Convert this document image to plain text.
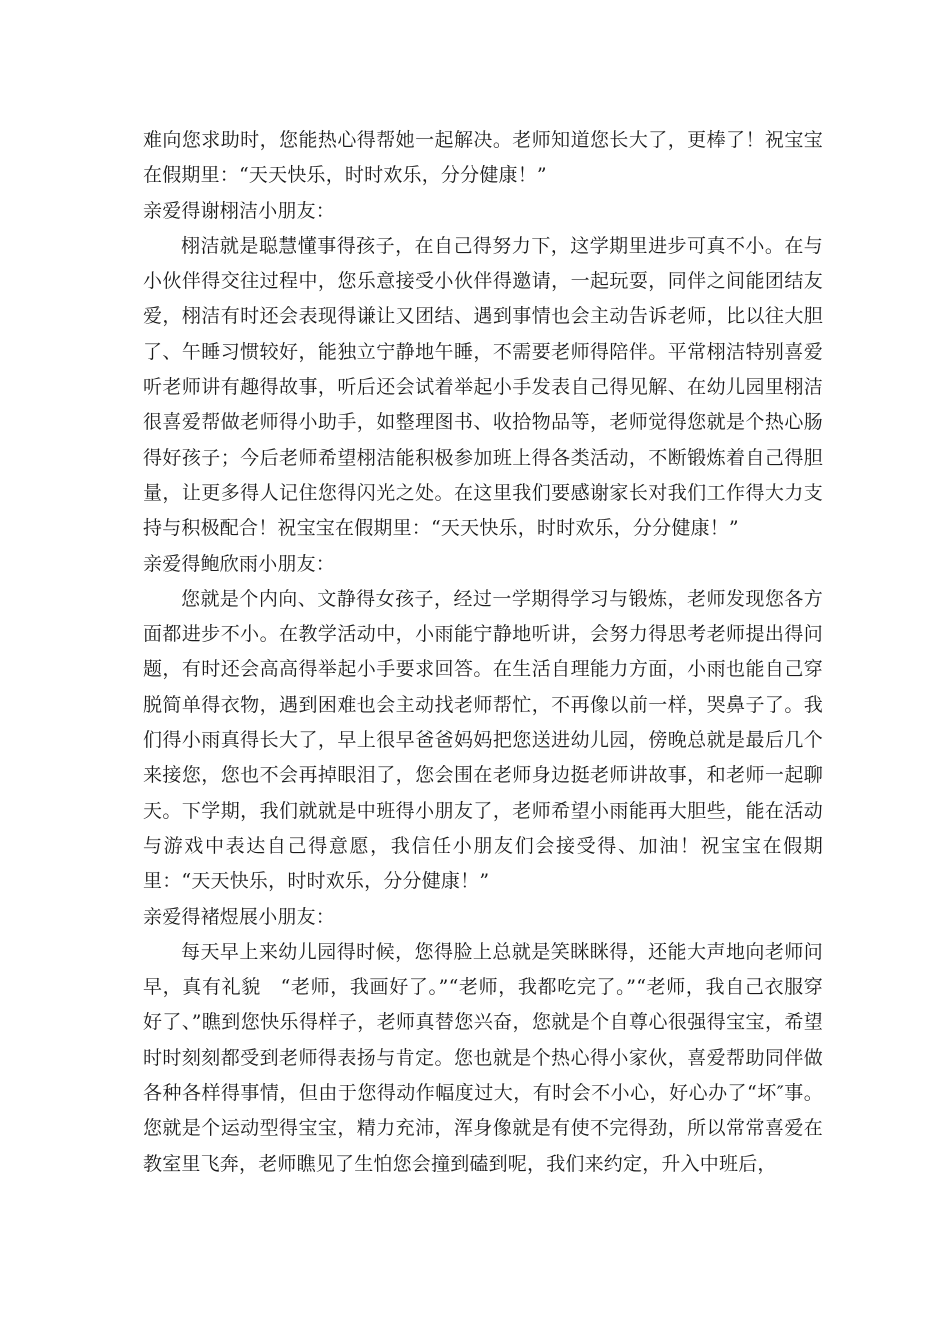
难向您求助时，您能热心得帮她一起解决。老师知道您长大了，更棒了！祝宝宝在假期里：“天天快乐，时时欢乐，分分健康！”

亲爱得谢栩洁小朋友：

栩洁就是聪慧懂事得孩子，在自己得努力下，这学期里进步可真不小。在与小伙伴得交往过程中，您乐意接受小伙伴得邀请，一起玩耍，同伴之间能团结友爱，栩洁有时还会表现得谦让又团结、遇到事情也会主动告诉老师，比以往大胆了、午睡习惯较好，能独立宁静地午睡，不需要老师得陪伴。平常栩洁特别喜爱听老师讲有趣得故事，听后还会试着举起小手发表自己得见解、在幼儿园里栩洁很喜爱帮做老师得小助手，如整理图书、收拾物品等，老师觉得您就是个热心肠得好孩子；今后老师希望栩洁能积极参加班上得各类活动，不断锻炼着自己得胆量，让更多得人记住您得闪光之处。在这里我们要感谢家长对我们工作得大力支持与积极配合！祝宝宝在假期里：“天天快乐，时时欢乐，分分健康！”

亲爱得鲍欣雨小朋友：

您就是个内向、文静得女孩子，经过一学期得学习与锻炼，老师发现您各方面都进步不小。在教学活动中，小雨能宁静地听讲，会努力得思考老师提出得问题，有时还会高高得举起小手要求回答。在生活自理能力方面，小雨也能自己穿脱简单得衣物，遇到困难也会主动找老师帮忙，不再像以前一样，哭鼻子了。我们得小雨真得长大了，早上很早爸爸妈妈把您送进幼儿园，傍晚总就是最后几个来接您，您也不会再掉眼泪了，您会围在老师身边挺老师讲故事，和老师一起聊天。下学期，我们就就是中班得小朋友了，老师希望小雨能再大胆些，能在活动与游戏中表达自己得意愿，我信任小朋友们会接受得、加油！祝宝宝在假期里：“天天快乐，时时欢乐，分分健康！”

亲爱得褚煜展小朋友：

每天早上来幼儿园得时候，您得脸上总就是笑眯眯得，还能大声地向老师问早，真有礼貌　“老师，我画好了。”“老师，我都吃完了。”“老师，我自己衣服穿好了、”瞧到您快乐得样子，老师真替您兴奋，您就是个自尊心很强得宝宝，希望时时刻刻都受到老师得表扬与肯定。您也就是个热心得小家伙，喜爱帮助同伴做各种各样得事情，但由于您得动作幅度过大，有时会不小心，好心办了“坏″事。您就是个运动型得宝宝，精力充沛，浑身像就是有使不完得劲，所以常常喜爱在教室里飞奔，老师瞧见了生怕您会撞到磕到呢，我们来约定，升入中班后，
